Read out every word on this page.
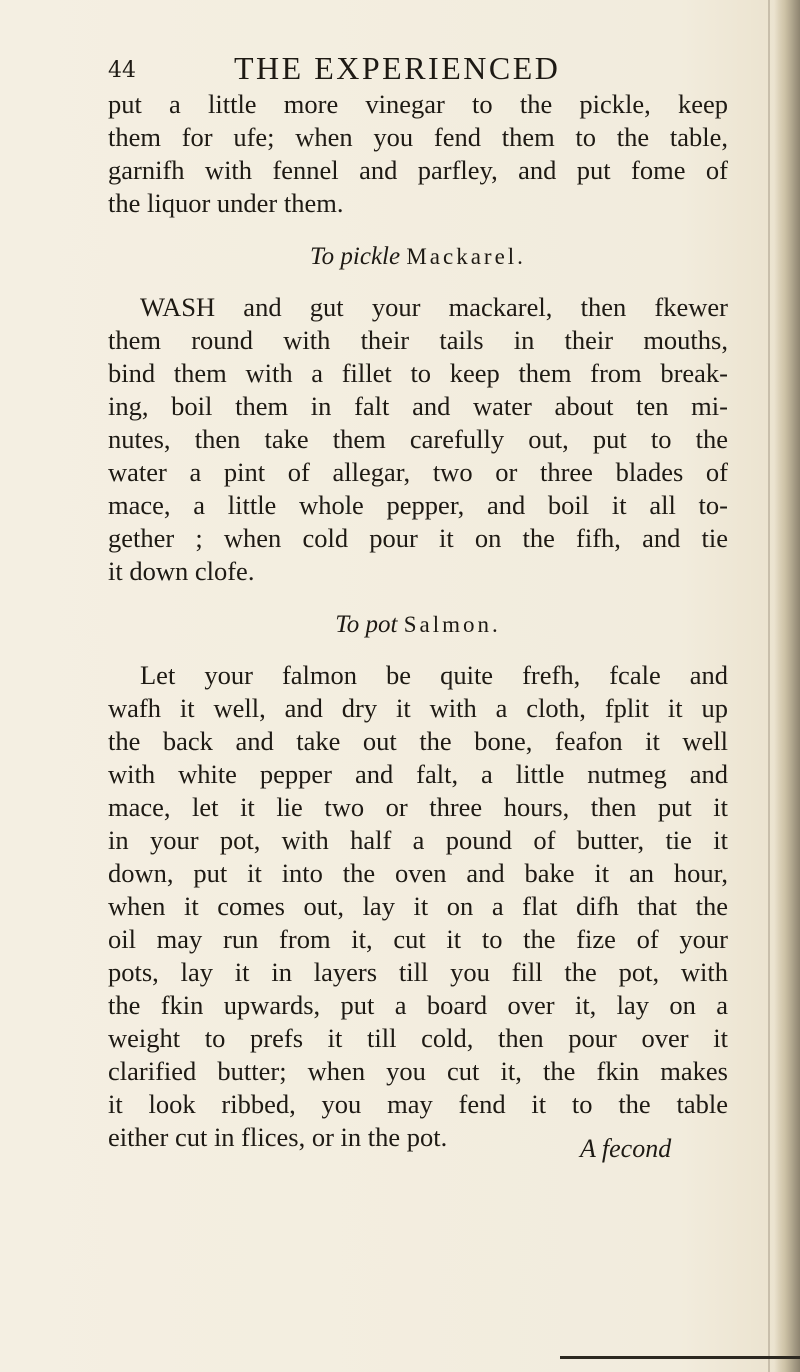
44	THE EXPERIENCED
put a little more vinegar to the pickle, keep
them for ufe; when you fend them to the table,
garnifh with fennel and parfley, and put fome of
the liquor under them.
To pickle Mackarel.
WASH and gut your mackarel, then fkewer
them round with their tails in their mouths,
bind them with a fillet to keep them from break-
ing, boil them in falt and water about ten mi-
nutes, then take them carefully out, put to the
water a pint of allegar, two or three blades of
mace, a little whole pepper, and boil it all to-
gether ; when cold pour it on the fifh, and tie
it down clofe.
To pot Salmon.
Let your falmon be quite frefh, fcale and
wafh it well, and dry it with a cloth, fplit it up
the back and take out the bone, feafon it well
with white pepper and falt, a little nutmeg and
mace, let it lie two or three hours, then put it
in your pot, with half a pound of butter, tie it
down, put it into the oven and bake it an hour,
when it comes out, lay it on a flat difh that the
oil may run from it, cut it to the fize of your
pots, lay it in layers till you fill the pot, with
the fkin upwards, put a board over it, lay on a
weight to prefs it till cold, then pour over it
clarified butter; when you cut it, the fkin makes
it look ribbed, you may fend it to the table
either cut in flices, or in the pot.	A fecond
